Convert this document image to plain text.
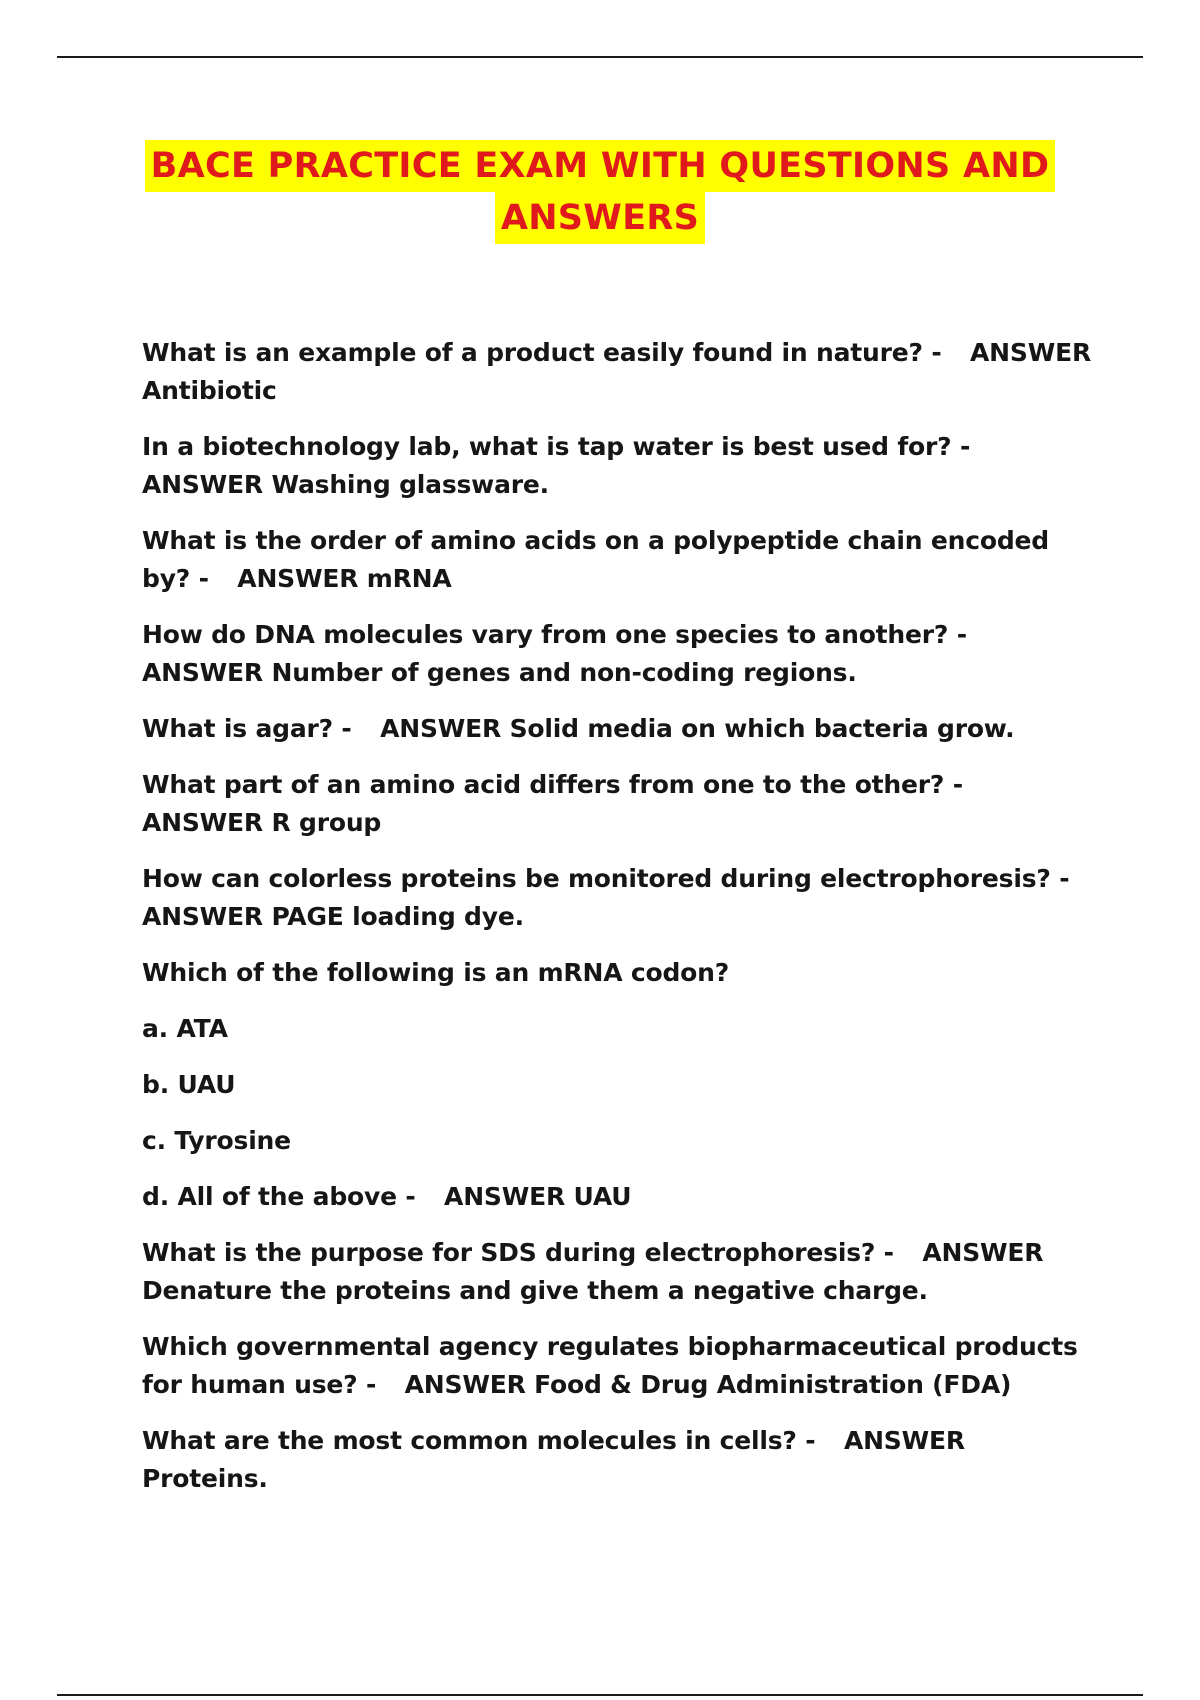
BACE PRACTICE EXAM WITH QUESTIONS AND
ANSWERS

What is an example of a product easily found in nature? - ANSWER Antibiotic

In a biotechnology lab, what is tap water is best used for? -ANSWER Washing glassware.

What is the order of amino acids on a polypeptide chain encoded by? - ANSWER mRNA

How do DNA molecules vary from one species to another? -ANSWER Number of genes and non-coding regions.

What is agar? - ANSWER Solid media on which bacteria grow.

What part of an amino acid differs from one to the other? -ANSWER R group

How can colorless proteins be monitored during electrophoresis? -ANSWER PAGE loading dye.

Which of the following is an mRNA codon?

a. ATA

b. UAU

c. Tyrosine

d. All of the above - ANSWER UAU

What is the purpose for SDS during electrophoresis? - ANSWER Denature the proteins and give them a negative charge.

Which governmental agency regulates biopharmaceutical products for human use? - ANSWER Food & Drug Administration (FDA)

What are the most common molecules in cells? - ANSWER Proteins.
